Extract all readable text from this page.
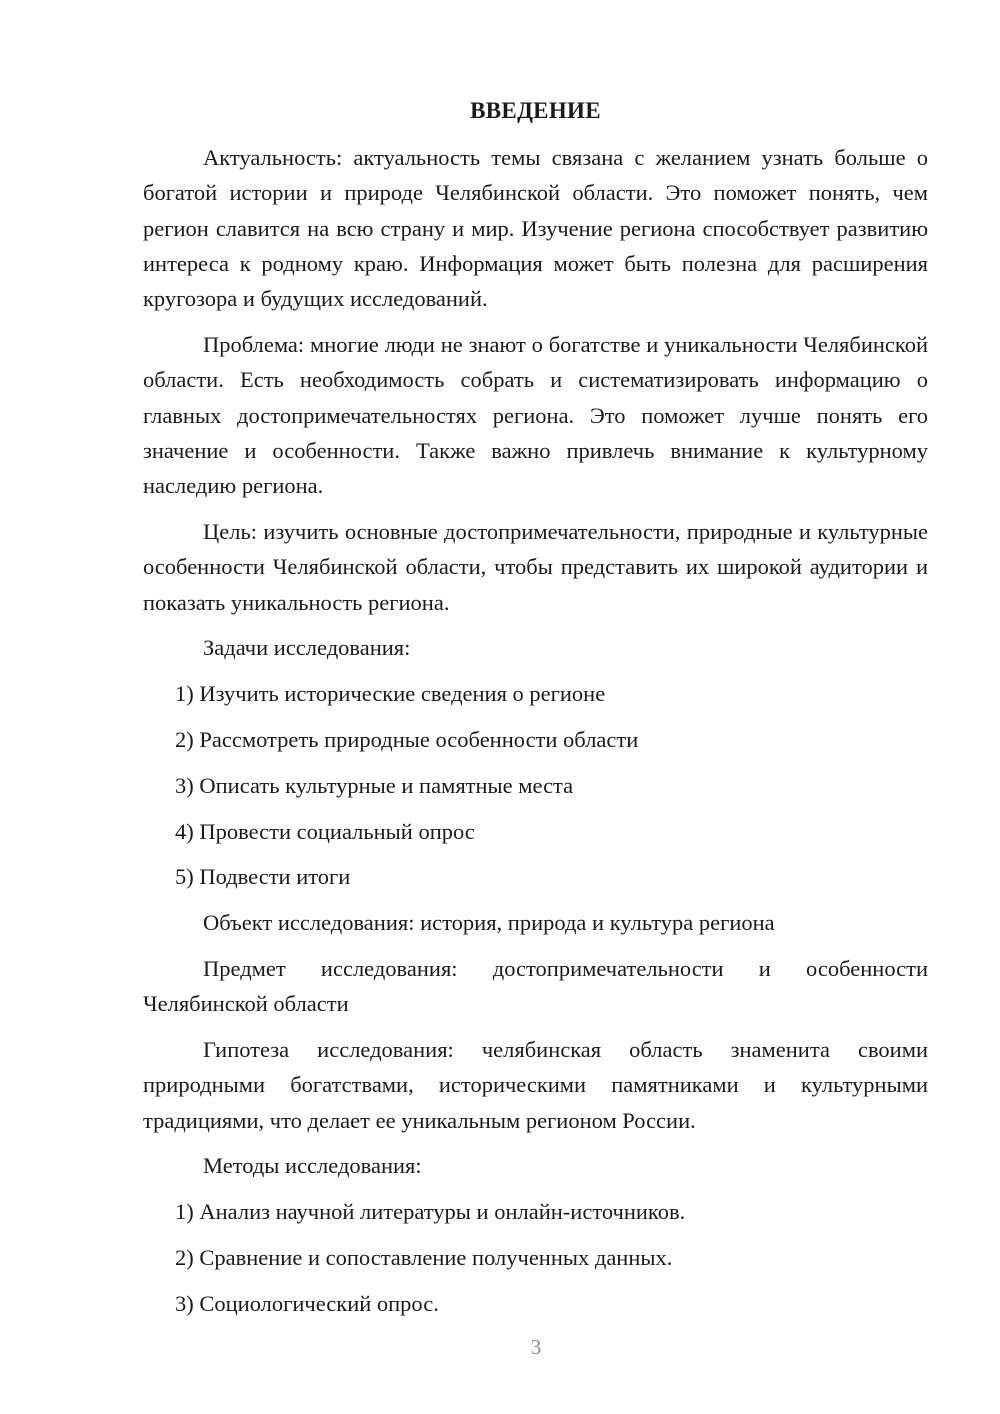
ВВЕДЕНИЕ

Актуальность: актуальность темы связана с желанием узнать больше о богатой истории и природе Челябинской области. Это поможет понять, чем регион славится на всю страну и мир. Изучение региона способствует развитию интереса к родному краю. Информация может быть полезна для расширения кругозора и будущих исследований.

Проблема: многие люди не знают о богатстве и уникальности Челябинской области. Есть необходимость собрать и систематизировать информацию о главных достопримечательностях региона. Это поможет лучше понять его значение и особенности. Также важно привлечь внимание к культурному наследию региона.

Цель: изучить основные достопримечательности, природные и культурные особенности Челябинской области, чтобы представить их широкой аудитории и показать уникальность региона.

Задачи исследования:
1) Изучить исторические сведения о регионе
2) Рассмотреть природные особенности области
3) Описать культурные и памятные места
4) Провести социальный опрос
5) Подвести итоги
Объект исследования: история, природа и культура региона

Предмет исследования: достопримечательности и особенности Челябинской области

Гипотеза исследования: челябинская область знаменита своими природными богатствами, историческими памятниками и культурными традициями, что делает ее уникальным регионом России.

Методы исследования:
1) Анализ научной литературы и онлайн-источников.
2) Сравнение и сопоставление полученных данных.
3) Социологический опрос.
3
